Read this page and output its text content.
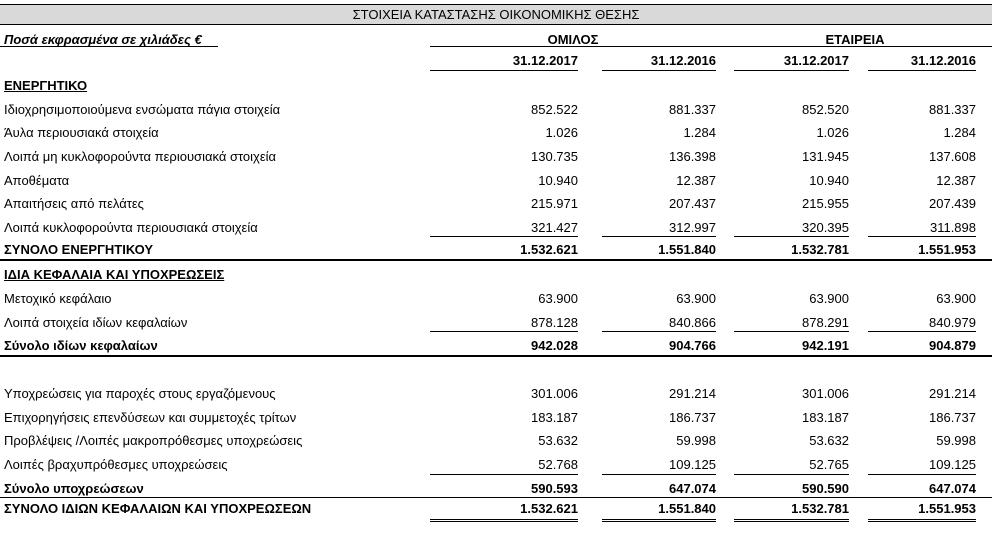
ΣΤΟΙΧΕΙΑ ΚΑΤΑΣΤΑΣΗΣ ΟΙΚΟΝΟΜΙΚΗΣ ΘΕΣΗΣ
Ποσά εκφρασμένα σε χιλιάδες €	ΟΜΙΛΟΣ	ΕΤΑΙΡΕΙΑ
31.12.2017	31.12.2016	31.12.2017	31.12.2016
ΕΝΕΡΓΗΤΙΚΟ
Ιδιοχρησιμοποιούμενα ενσώματα πάγια στοιχεία	852.522	881.337	852.520	881.337
Άυλα περιουσιακά στοιχεία	1.026	1.284	1.026	1.284
Λοιπά μη κυκλοφορούντα περιουσιακά στοιχεία	130.735	136.398	131.945	137.608
Αποθέματα	10.940	12.387	10.940	12.387
Απαιτήσεις από πελάτες	215.971	207.437	215.955	207.439
Λοιπά κυκλοφορούντα περιουσιακά στοιχεία	321.427	312.997	320.395	311.898
ΣΥΝΟΛΟ ΕΝΕΡΓΗΤΙΚΟΥ	1.532.621	1.551.840	1.532.781	1.551.953
ΙΔΙΑ ΚΕΦΑΛΑΙΑ ΚΑΙ ΥΠΟΧΡΕΩΣΕΙΣ
Μετοχικό κεφάλαιο	63.900	63.900	63.900	63.900
Λοιπά στοιχεία ιδίων κεφαλαίων	878.128	840.866	878.291	840.979
Σύνολο ιδίων κεφαλαίων	942.028	904.766	942.191	904.879
Υποχρεώσεις για παροχές στους εργαζόμενους	301.006	291.214	301.006	291.214
Επιχορηγήσεις επενδύσεων και συμμετοχές τρίτων	183.187	186.737	183.187	186.737
Προβλέψεις /Λοιπές μακροπρόθεσμες υποχρεώσεις	53.632	59.998	53.632	59.998
Λοιπές βραχυπρόθεσμες υποχρεώσεις	52.768	109.125	52.765	109.125
Σύνολο υποχρεώσεων	590.593	647.074	590.590	647.074
ΣΥΝΟΛΟ ΙΔΙΩΝ ΚΕΦΑΛΑΙΩΝ ΚΑΙ ΥΠΟΧΡΕΩΣΕΩΝ	1.532.621	1.551.840	1.532.781	1.551.953
